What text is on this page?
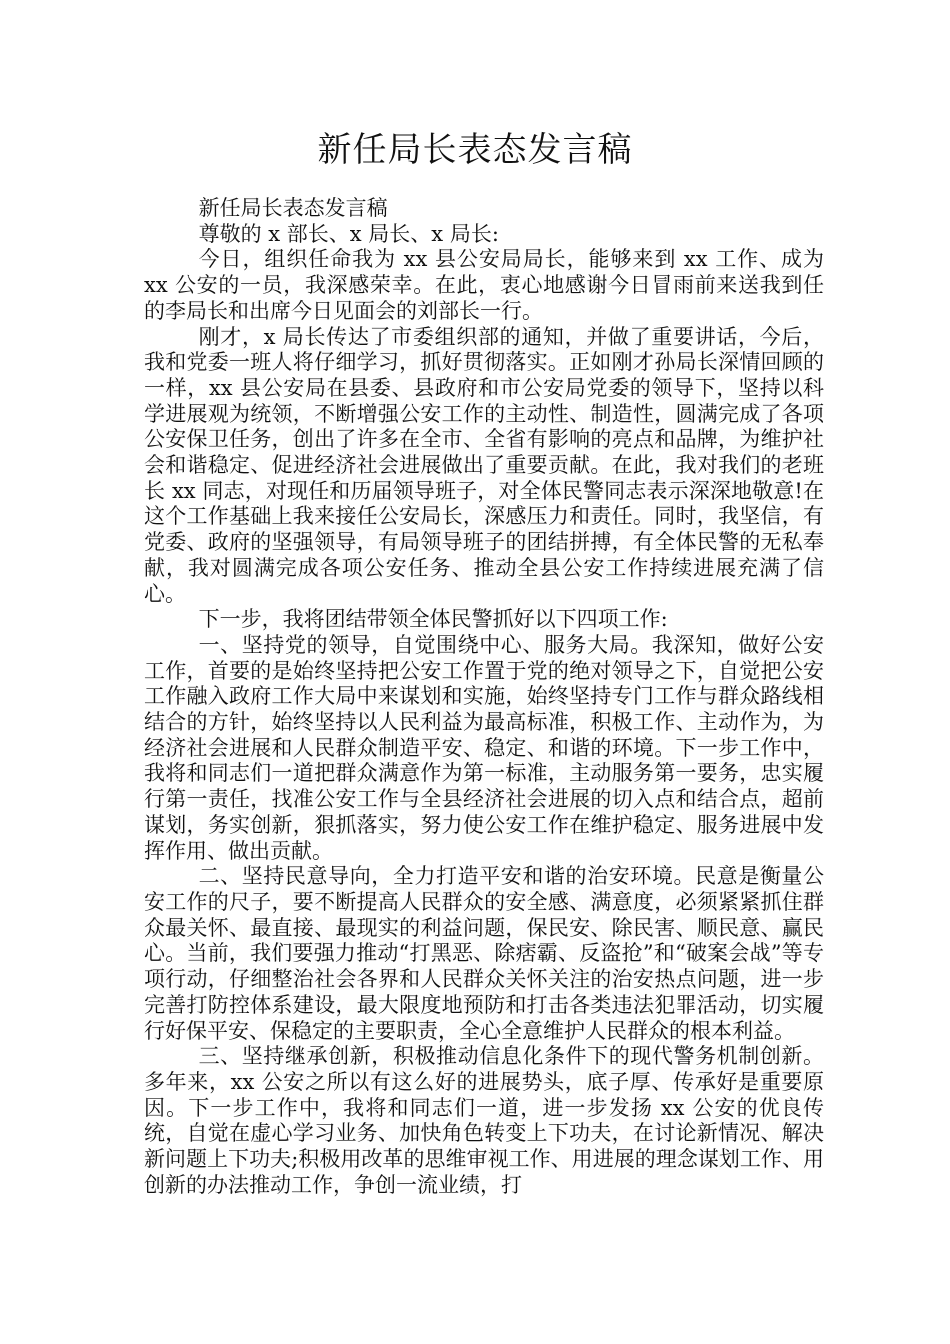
新任局长表态发言稿

新任局长表态发言稿

尊敬的 x 部长、x 局长、x 局长:

今日，组织任命我为 xx 县公安局局长，能够来到 xx 工作、成为 xx 公安的一员，我深感荣幸。在此，衷心地感谢今日冒雨前来送我到任的李局长和出席今日见面会的刘部长一行。

刚才，x 局长传达了市委组织部的通知，并做了重要讲话，今后，我和党委一班人将仔细学习，抓好贯彻落实。正如刚才孙局长深情回顾的一样，xx 县公安局在县委、县政府和市公安局党委的领导下，坚持以科学进展观为统领，不断增强公安工作的主动性、制造性，圆满完成了各项公安保卫任务，创出了许多在全市、全省有影响的亮点和品牌，为维护社会和谐稳定、促进经济社会进展做出了重要贡献。在此，我对我们的老班长 xx 同志，对现任和历届领导班子，对全体民警同志表示深深地敬意!在这个工作基础上我来接任公安局长，深感压力和责任。同时，我坚信，有党委、政府的坚强领导，有局领导班子的团结拼搏，有全体民警的无私奉献，我对圆满完成各项公安任务、推动全县公安工作持续进展充满了信心。

下一步，我将团结带领全体民警抓好以下四项工作:

一、坚持党的领导，自觉围绕中心、服务大局。我深知，做好公安工作，首要的是始终坚持把公安工作置于党的绝对领导之下，自觉把公安工作融入政府工作大局中来谋划和实施，始终坚持专门工作与群众路线相结合的方针，始终坚持以人民利益为最高标准，积极工作、主动作为，为经济社会进展和人民群众制造平安、稳定、和谐的环境。下一步工作中，我将和同志们一道把群众满意作为第一标准，主动服务第一要务，忠实履行第一责任，找准公安工作与全县经济社会进展的切入点和结合点，超前谋划，务实创新，狠抓落实，努力使公安工作在维护稳定、服务进展中发挥作用、做出贡献。

二、坚持民意导向，全力打造平安和谐的治安环境。民意是衡量公安工作的尺子，要不断提高人民群众的安全感、满意度，必须紧紧抓住群众最关怀、最直接、最现实的利益问题，保民安、除民害、顺民意、赢民心。当前，我们要强力推动“打黑恶、除痞霸、反盗抢”和“破案会战”等专项行动，仔细整治社会各界和人民群众关怀关注的治安热点问题，进一步完善打防控体系建设，最大限度地预防和打击各类违法犯罪活动，切实履行好保平安、保稳定的主要职责，全心全意维护人民群众的根本利益。

三、坚持继承创新，积极推动信息化条件下的现代警务机制创新。多年来，xx 公安之所以有这么好的进展势头，底子厚、传承好是重要原因。下一步工作中，我将和同志们一道，进一步发扬 xx 公安的优良传统，自觉在虚心学习业务、加快角色转变上下功夫，在讨论新情况、解决新问题上下功夫;积极用改革的思维审视工作、用进展的理念谋划工作、用创新的办法推动工作，争创一流业绩，打
